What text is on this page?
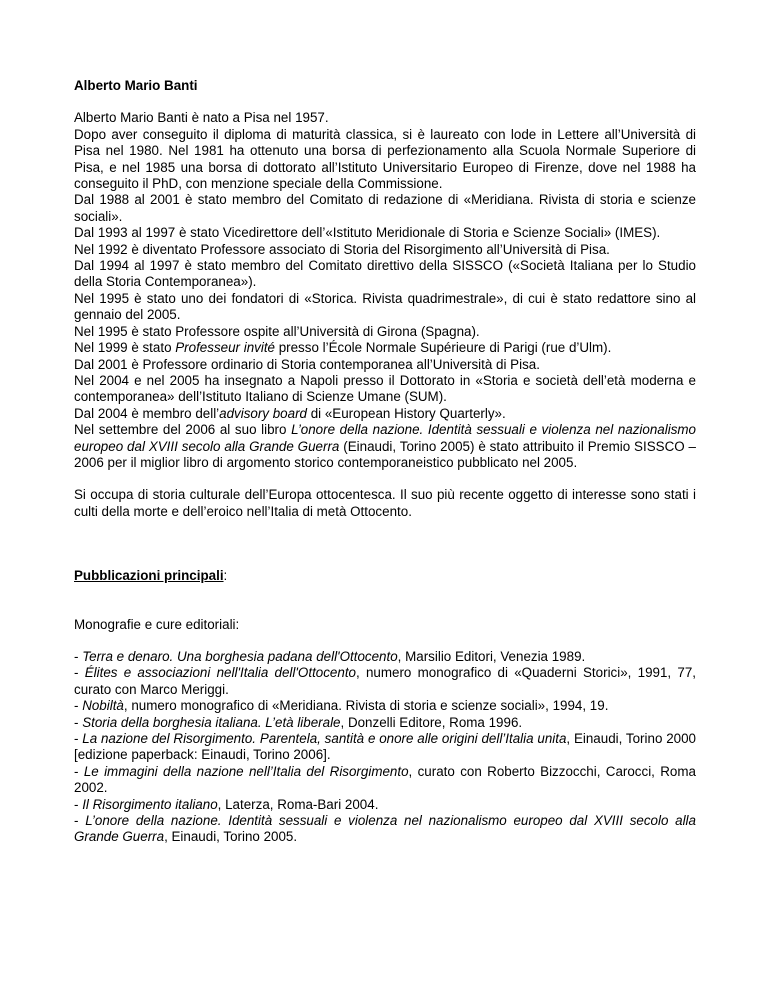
Alberto Mario Banti

Alberto Mario Banti è nato a Pisa nel 1957.

Dopo aver conseguito il diploma di maturità classica, si è laureato con lode in Lettere all’Università di Pisa nel 1980. Nel 1981 ha ottenuto una borsa di perfezionamento alla Scuola Normale Superiore di Pisa, e nel 1985 una borsa di dottorato all’Istituto Universitario Europeo di Firenze, dove nel 1988 ha conseguito il PhD, con menzione speciale della Commissione.

Dal 1988 al 2001 è stato membro del Comitato di redazione di «Meridiana. Rivista di storia e scienze sociali».

Dal 1993 al 1997 è stato Vicedirettore dell’«Istituto Meridionale di Storia e Scienze Sociali» (IMES).

Nel 1992 è diventato Professore associato di Storia del Risorgimento all’Università di Pisa.

Dal 1994 al 1997 è stato membro del Comitato direttivo della SISSCO («Società Italiana per lo Studio della Storia Contemporanea»).

Nel 1995 è stato uno dei fondatori di «Storica. Rivista quadrimestrale», di cui è stato redattore sino al gennaio del 2005.

Nel 1995 è stato Professore ospite all’Università di Girona (Spagna).

Nel 1999 è stato Professeur invité presso l’École Normale Supérieure di Parigi (rue d’Ulm).

Dal 2001 è Professore ordinario di Storia contemporanea all’Università di Pisa.

Nel 2004 e nel 2005 ha insegnato a Napoli presso il Dottorato in «Storia e società dell’età moderna e contemporanea» dell’Istituto Italiano di Scienze Umane (SUM).

Dal 2004 è membro dell’advisory board di «European History Quarterly».

Nel settembre del 2006 al suo libro L’onore della nazione. Identità sessuali e violenza nel nazionalismo europeo dal XVIII secolo alla Grande Guerra (Einaudi, Torino 2005) è stato attribuito il Premio SISSCO – 2006 per il miglior libro di argomento storico contemporaneistico pubblicato nel 2005.

Si occupa di storia culturale dell’Europa ottocentesca. Il suo più recente oggetto di interesse sono stati i culti della morte e dell’eroico nell’Italia di metà Ottocento.

Pubblicazioni principali:

Monografie e cure editoriali:

- Terra e denaro. Una borghesia padana dell'Ottocento, Marsilio Editori, Venezia 1989.

- Élites e associazioni nell'Italia dell'Ottocento, numero monografico di «Quaderni Storici», 1991, 77, curato con Marco Meriggi.

- Nobiltà, numero monografico di «Meridiana. Rivista di storia e scienze sociali», 1994, 19.

- Storia della borghesia italiana. L’età liberale, Donzelli Editore, Roma 1996.

- La nazione del Risorgimento. Parentela, santità e onore alle origini dell’Italia unita, Einaudi, Torino 2000 [edizione paperback: Einaudi, Torino 2006].

- Le immagini della nazione nell’Italia del Risorgimento, curato con Roberto Bizzocchi, Carocci, Roma 2002.

- Il Risorgimento italiano, Laterza, Roma-Bari 2004.

- L’onore della nazione. Identità sessuali e violenza nel nazionalismo europeo dal XVIII secolo alla Grande Guerra, Einaudi, Torino 2005.
